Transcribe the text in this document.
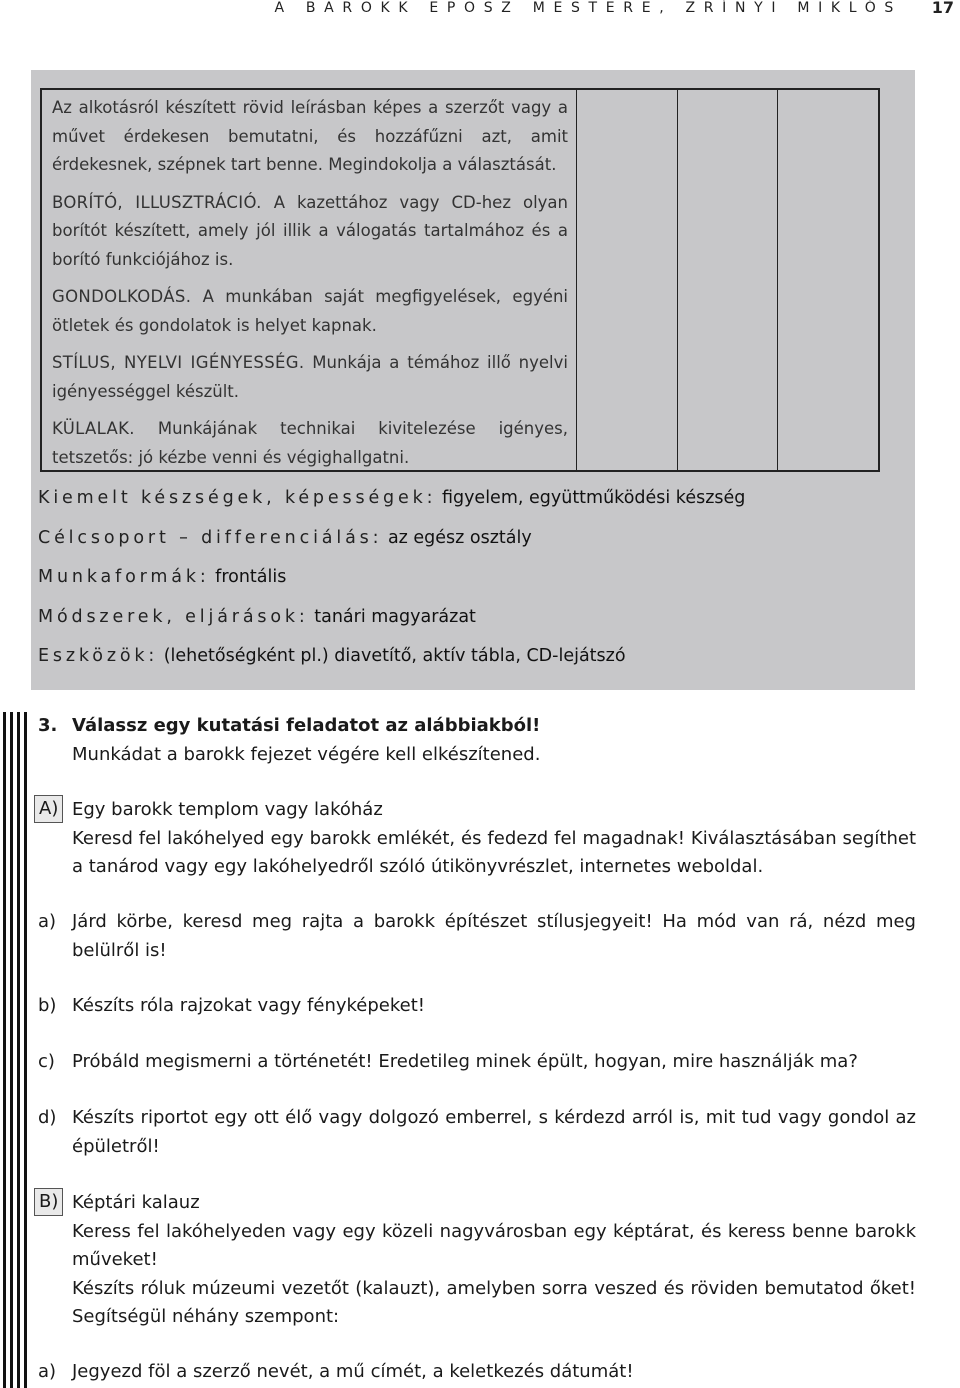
A BAROKK EPOSZ MESTERE, ZRÍNYI MIKLÓS 17

Az alkotásról készített rövid leírásban képes a szerzőt vagy a művet érdekesen bemutatni, és hozzáfűzni azt, amit érdekesnek, szépnek tart benne. Megindokolja a választását.

BORÍTÓ, ILLUSZTRÁCIÓ. A kazettához vagy CD-hez olyan borítót készített, amely jól illik a válogatás tartalmához és a borító funkciójához is.

GONDOLKODÁS. A munkában saját megfigyelések, egyéni ötletek és gondolatok is helyet kapnak.

STÍLUS, NYELVI IGÉNYESSÉG. Munkája a témához illő nyelvi igényességgel készült.

KÜLALAK. Munkájának technikai kivitelezése igényes, tetszetős: jó kézbe venni és végighallgatni.

Kiemelt készségek, képességek: figyelem, együttműködési készség
Célcsoport – differenciálás: az egész osztály
Munkaformák: frontális
Módszerek, eljárások: tanári magyarázat
Eszközök: (lehetőségként pl.) diavetítő, aktív tábla, CD-lejátszó
3. Válassz egy kutatási feladatot az alábbiakból!
Munkádat a barokk fejezet végére kell elkészítened.
A) Egy barokk templom vagy lakóház
Keresd fel lakóhelyed egy barokk emlékét, és fedezd fel magadnak! Kiválasztásában segíthet a tanárod vagy egy lakóhelyedről szóló útikönyvrészlet, internetes weboldal.
a) Járd körbe, keresd meg rajta a barokk építészet stílusjegyeit! Ha mód van rá, nézd meg belülről is!
b) Készíts róla rajzokat vagy fényképeket!
c) Próbáld megismerni a történetét! Eredetileg minek épült, hogyan, mire használják ma?
d) Készíts riportot egy ott élő vagy dolgozó emberrel, s kérdezd arról is, mit tud vagy gondol az épületről!
B) Képtári kalauz
Keress fel lakóhelyeden vagy egy közeli nagyvárosban egy képtárat, és keress benne barokk műveket!
Készíts róluk múzeumi vezetőt (kalauzt), amelyben sorra veszed és röviden bemutatod őket! Segítségül néhány szempont:
a) Jegyezd föl a szerző nevét, a mű címét, a keletkezés dátumát!
